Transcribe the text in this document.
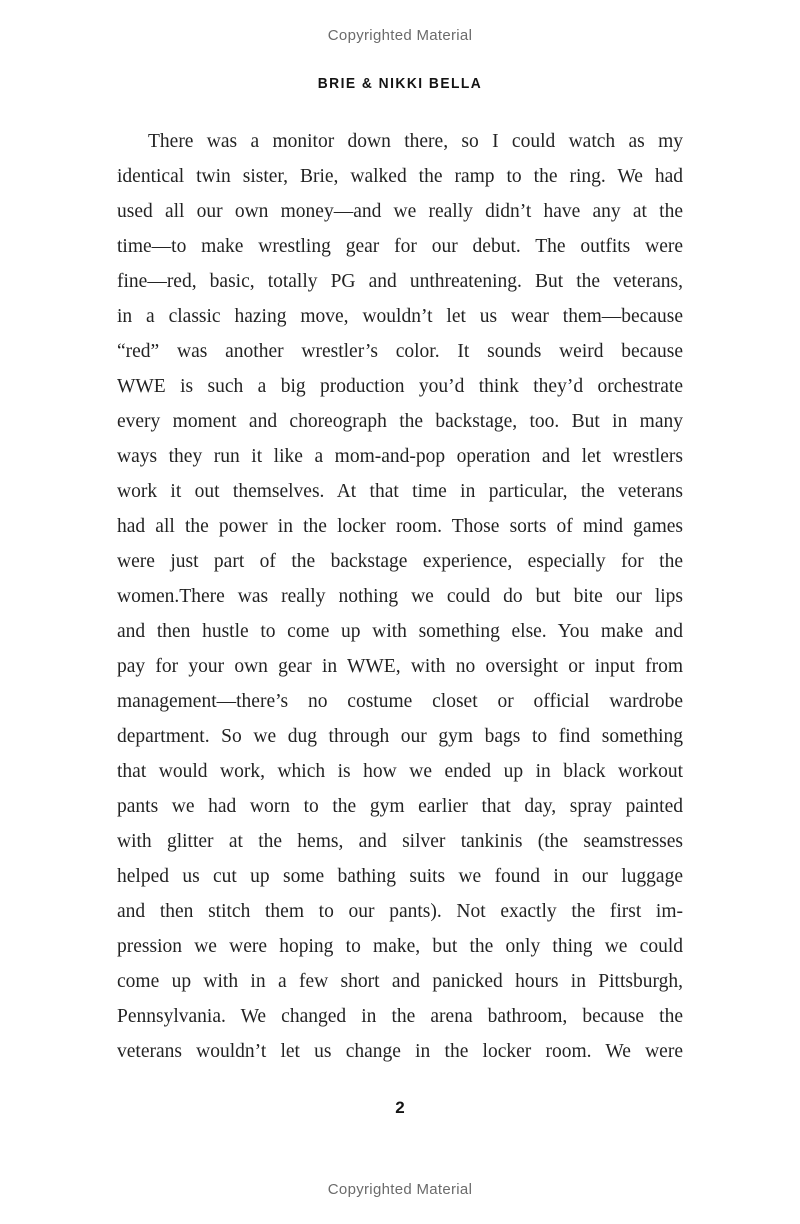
Copyrighted Material
BRIE & NIKKI BELLA
There was a monitor down there, so I could watch as my
identical twin sister, Brie, walked the ramp to the ring. We had
used all our own money—and we really didn’t have any at the
time—to make wrestling gear for our debut. The outfits were
fine—red, basic, totally PG and unthreatening. But the veterans,
in a classic hazing move, wouldn’t let us wear them—because
“red” was another wrestler’s color. It sounds weird because
WWE is such a big production you’d think they’d orchestrate
every moment and choreograph the backstage, too. But in many
ways they run it like a mom-and-pop operation and let wrestlers
work it out themselves. At that time in particular, the veterans
had all the power in the locker room. Those sorts of mind games
were just part of the backstage experience, especially for the
women.There was really nothing we could do but bite our lips
and then hustle to come up with something else. You make and
pay for your own gear in WWE, with no oversight or input from
management—there’s no costume closet or official wardrobe
department. So we dug through our gym bags to find something
that would work, which is how we ended up in black workout
pants we had worn to the gym earlier that day, spray painted
with glitter at the hems, and silver tankinis (the seamstresses
helped us cut up some bathing suits we found in our luggage
and then stitch them to our pants). Not exactly the first im-
pression we were hoping to make, but the only thing we could
come up with in a few short and panicked hours in Pittsburgh,
Pennsylvania. We changed in the arena bathroom, because the
veterans wouldn’t let us change in the locker room. We were
2
Copyrighted Material
